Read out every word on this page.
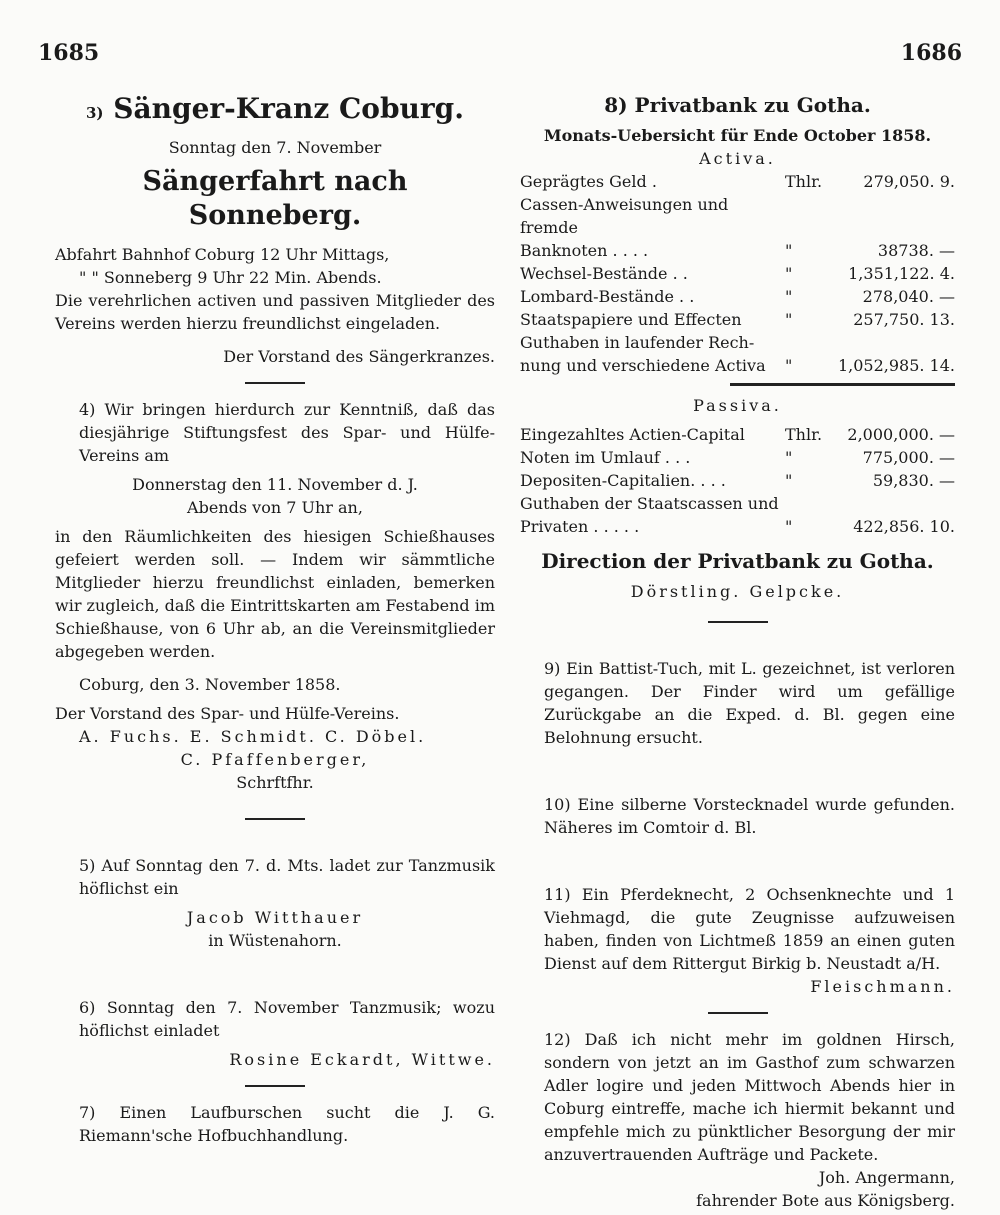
1685	1686
3) Sänger-Kranz Coburg.

Sonntag den 7. November

Sängerfahrt nach Sonneberg.

Abfahrt Bahnhof Coburg 12 Uhr Mittags,

" " Sonneberg 9 Uhr 22 Min. Abends.

Die verehrlichen activen und passiven Mitglieder des Vereins werden hierzu freundlichst eingeladen.

Der Vorstand des Sängerkranzes.

4) Wir bringen hierdurch zur Kenntniß, daß das diesjährige Stiftungsfest des Spar- und Hülfe-Vereins am

Donnerstag den 11. November d. J.

Abends von 7 Uhr an,

in den Räumlichkeiten des hiesigen Schießhauses gefeiert werden soll. — Indem wir sämmtliche Mitglieder hierzu freundlichst einladen, bemerken wir zugleich, daß die Eintrittskarten am Festabend im Schießhause, von 6 Uhr ab, an die Vereinsmitglieder abgegeben werden.

Coburg, den 3. November 1858.

Der Vorstand des Spar- und Hülfe-Vereins.

A. Fuchs. E. Schmidt. C. Döbel.

C. Pfaffenberger,

Schrftfhr.

5) Auf Sonntag den 7. d. Mts. ladet zur Tanzmusik höflichst ein

Jacob Witthauer

in Wüstenahorn.

6) Sonntag den 7. November Tanzmusik; wozu höflichst einladet

Rosine Eckardt, Wittwe.

7) Einen Laufburschen sucht die J. G. Riemann'sche Hofbuchhandlung.

8) Privatbank zu Gotha.

Monats-Uebersicht für Ende October 1858.

Activa.

Geprägtes Geld .	Thlr.	279,050. 9.
Cassen-Anweisungen und fremde
Banknoten . . . .	"	38738. —
Wechsel-Bestände . .	"	1,351,122. 4.
Lombard-Bestände . .	"	278,040. —
Staatspapiere und Effecten	"	257,750. 13.
Guthaben in laufender Rech-
nung und verschiedene Activa	"	1,052,985. 14.

Passiva.

Eingezahltes Actien-Capital	Thlr.	2,000,000. —
Noten im Umlauf . . .	"	775,000. —
Depositen-Capitalien. . . .	"	59,830. —
Guthaben der Staatscassen und
Privaten . . . . .	"	422,856. 10.
Direction der Privatbank zu Gotha.

Dörstling. Gelpcke.

9) Ein Battist-Tuch, mit L. gezeichnet, ist verloren gegangen. Der Finder wird um gefällige Zurückgabe an die Exped. d. Bl. gegen eine Belohnung ersucht.

10) Eine silberne Vorstecknadel wurde gefunden. Näheres im Comtoir d. Bl.

11) Ein Pferdeknecht, 2 Ochsenknechte und 1 Viehmagd, die gute Zeugnisse aufzuweisen haben, finden von Lichtmeß 1859 an einen guten Dienst auf dem Rittergut Birkig b. Neustadt a/H.

Fleischmann.

12) Daß ich nicht mehr im goldnen Hirsch, sondern von jetzt an im Gasthof zum schwarzen Adler logire und jeden Mittwoch Abends hier in Coburg eintreffe, mache ich hiermit bekannt und empfehle mich zu pünktlicher Besorgung der mir anzuvertrauenden Aufträge und Packete.

Joh. Angermann,

fahrender Bote aus Königsberg.
